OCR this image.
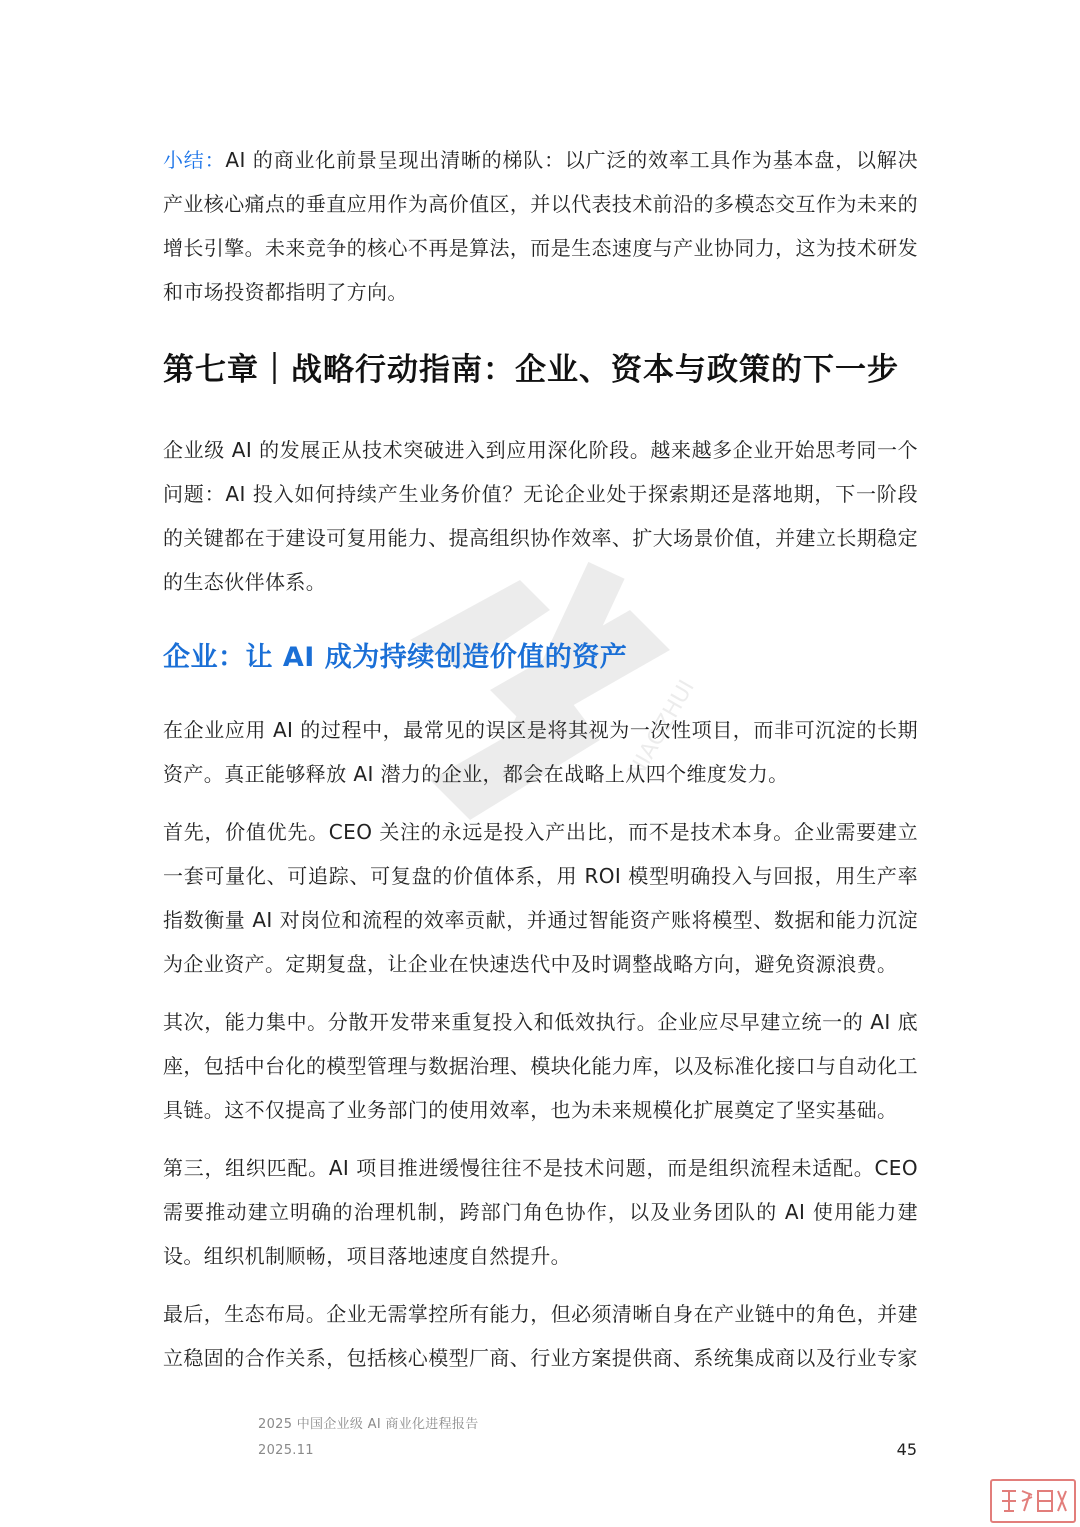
NIAOZHUI

小结：AI 的商业化前景呈现出清晰的梯队：以广泛的效率工具作为基本盘，以解决产业核心痛点的垂直应用作为高价值区，并以代表技术前沿的多模态交互作为未来的增长引擎。未来竞争的核心不再是算法，而是生态速度与产业协同力，这为技术研发和市场投资都指明了方向。

第七章｜战略行动指南：企业、资本与政策的下一步

企业级 AI 的发展正从技术突破进入到应用深化阶段。越来越多企业开始思考同一个问题：AI 投入如何持续产生业务价值？无论企业处于探索期还是落地期，下一阶段的关键都在于建设可复用能力、提高组织协作效率、扩大场景价值，并建立长期稳定的生态伙伴体系。

企业：让 AI 成为持续创造价值的资产

在企业应用 AI 的过程中，最常见的误区是将其视为一次性项目，而非可沉淀的长期资产。真正能够释放 AI 潜力的企业，都会在战略上从四个维度发力。

首先，价值优先。CEO 关注的永远是投入产出比，而不是技术本身。企业需要建立一套可量化、可追踪、可复盘的价值体系，用 ROI 模型明确投入与回报，用生产率指数衡量 AI 对岗位和流程的效率贡献，并通过智能资产账将模型、数据和能力沉淀为企业资产。定期复盘，让企业在快速迭代中及时调整战略方向，避免资源浪费。

其次，能力集中。分散开发带来重复投入和低效执行。企业应尽早建立统一的 AI 底座，包括中台化的模型管理与数据治理、模块化能力库，以及标准化接口与自动化工具链。这不仅提高了业务部门的使用效率，也为未来规模化扩展奠定了坚实基础。

第三，组织匹配。AI 项目推进缓慢往往不是技术问题，而是组织流程未适配。CEO 需要推动建立明确的治理机制，跨部门角色协作，以及业务团队的 AI 使用能力建设。组织机制顺畅，项目落地速度自然提升。

最后，生态布局。企业无需掌控所有能力，但必须清晰自身在产业链中的角色，并建立稳固的合作关系，包括核心模型厂商、行业方案提供商、系统集成商以及行业专家

2025 中国企业级 AI 商业化进程报告
2025.11	45
